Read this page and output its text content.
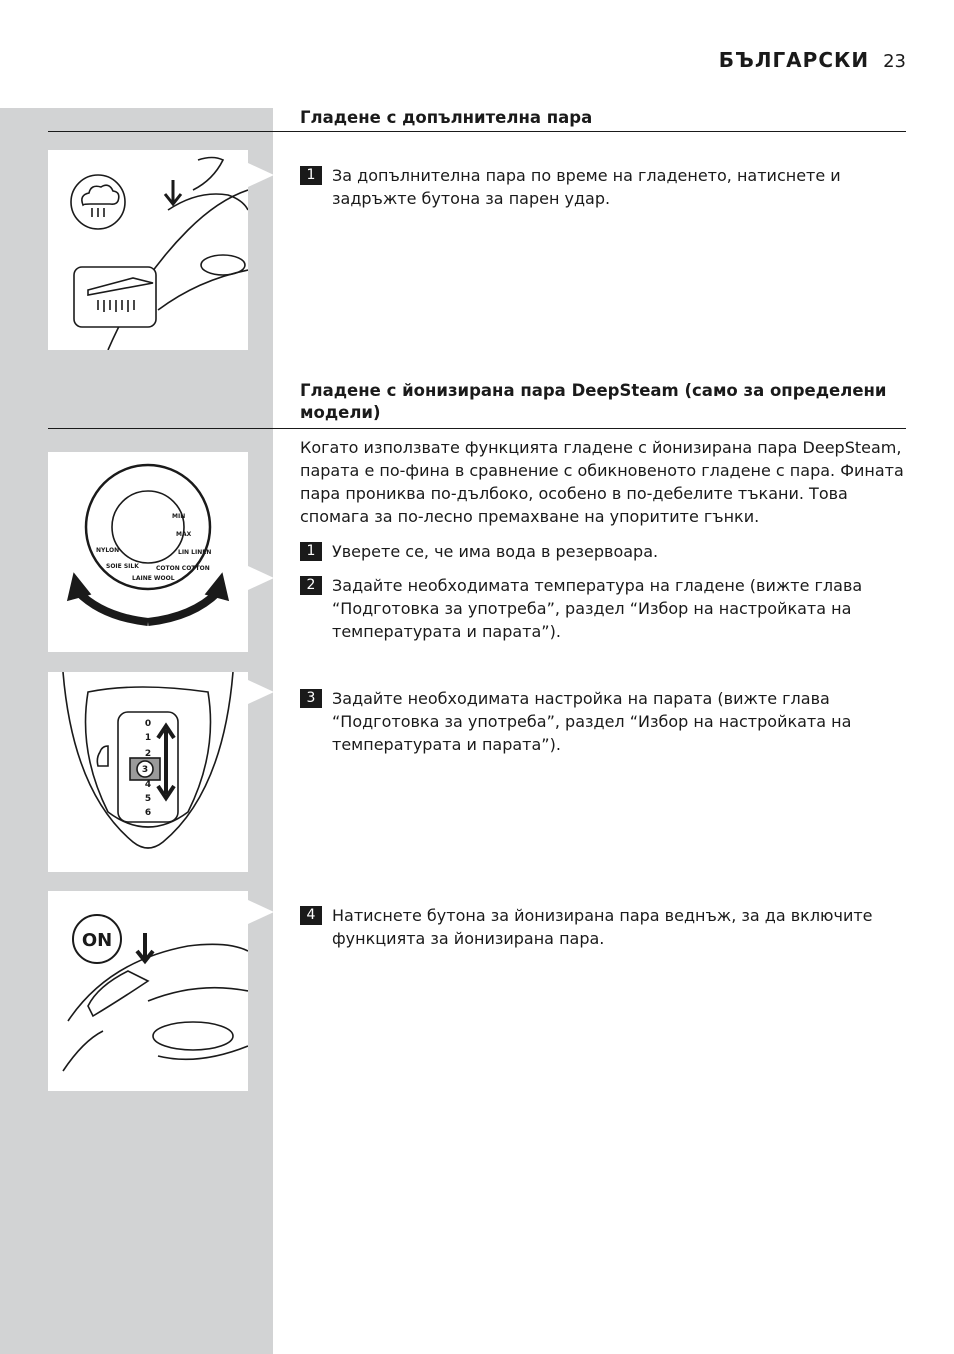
БЪЛГАРСКИ 23
Гладене с допълнителна пара
1	За допълнителна пара по време на гладенето, натиснете и задръжте бутона за парен удар.
Гладене с йонизирана пара DeepSteam (само за определени модели)
Когато използвате функцията гладене с йонизирана пара DeepSteam, парата е по-фина в сравнение с обикновеното гладене с пара. Фината пара прониква по-дълбоко, особено в по-дебелите тъкани. Това спомага за по-лесно премахване на упоритите гънки.
NYLON
SOIE SILK
LAINE WOOL
COTON COTTON
LIN LINEN
MIN
MAX
1	Уверете се, че има вода в резервоара.
2	Задайте необходимата температура на гладене (вижте глава “Подготовка за употреба”, раздел “Избор на настройката на температурата и парата”).
0
1
2
3
4
5
6
3	Задайте необходимата настройка на парата (вижте глава “Подготовка за употреба”, раздел “Избор на настройката на температурата и парата”).
ON
4	Натиснете бутона за йонизирана пара веднъж, за да включите функцията за йонизирана пара.
